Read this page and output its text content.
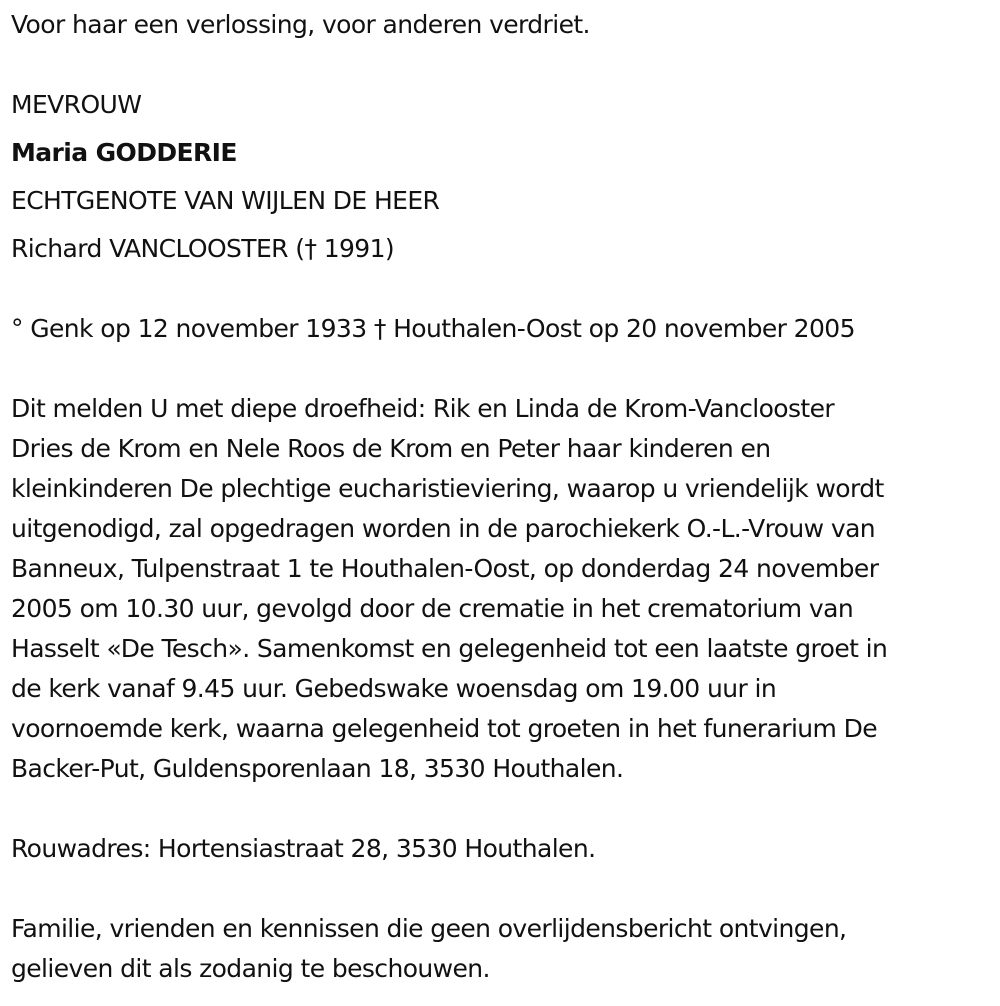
Voor haar een verlossing, voor anderen verdriet.
MEVROUW
Maria GODDERIE
ECHTGENOTE VAN WIJLEN DE HEER
Richard VANCLOOSTER († 1991)
° Genk op 12 november 1933 † Houthalen-Oost op 20 november 2005
Dit melden U met diepe droefheid: Rik en Linda de Krom-Vanclooster
Dries de Krom en Nele Roos de Krom en Peter haar kinderen en
kleinkinderen De plechtige eucharistieviering, waarop u vriendelijk wordt
uitgenodigd, zal opgedragen worden in de parochiekerk O.-L.-Vrouw van
Banneux, Tulpenstraat 1 te Houthalen-Oost, op donderdag 24 november
2005 om 10.30 uur, gevolgd door de crematie in het crematorium van
Hasselt «De Tesch». Samenkomst en gelegenheid tot een laatste groet in
de kerk vanaf 9.45 uur. Gebedswake woensdag om 19.00 uur in
voornoemde kerk, waarna gelegenheid tot groeten in het funerarium De
Backer-Put, Guldensporenlaan 18, 3530 Houthalen.
Rouwadres: Hortensiastraat 28, 3530 Houthalen.
Familie, vrienden en kennissen die geen overlijdensbericht ontvingen,
gelieven dit als zodanig te beschouwen.
